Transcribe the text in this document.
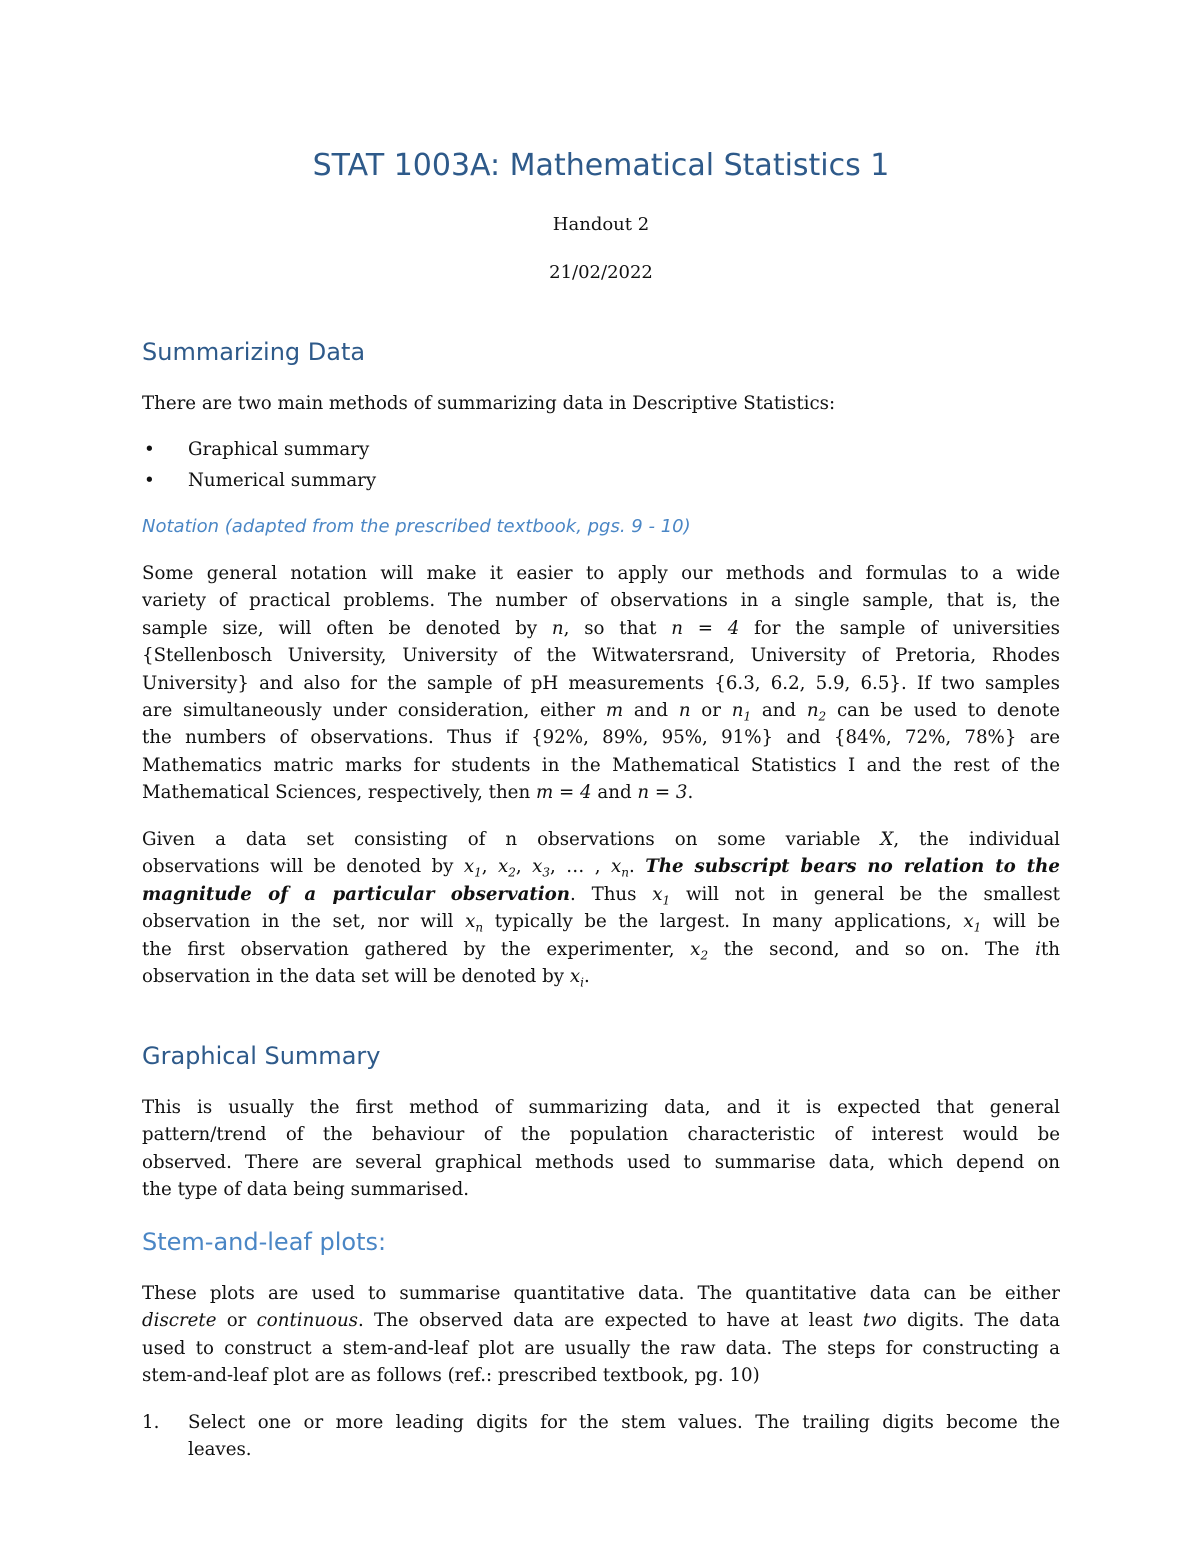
STAT 1003A: Mathematical Statistics 1
Handout 2
21/02/2022
Summarizing Data
There are two main methods of summarizing data in Descriptive Statistics:
• Graphical summary
• Numerical summary
Notation (adapted from the prescribed textbook, pgs. 9 - 10)
Some general notation will make it easier to apply our methods and formulas to a wide
variety of practical problems. The number of observations in a single sample, that is, the
sample size, will often be denoted by n, so that n = 4 for the sample of universities
{Stellenbosch University, University of the Witwatersrand, University of Pretoria, Rhodes
University} and also for the sample of pH measurements {6.3, 6.2, 5.9, 6.5}. If two samples
are simultaneously under consideration, either m and n or $n_1$ and $n_2$ can be used to denote
the numbers of observations. Thus if {92%, 89%, 95%, 91%} and {84%, 72%, 78%} are
Mathematics matric marks for students in the Mathematical Statistics I and the rest of the
Mathematical Sciences, respectively, then m = 4 and n = 3.
Given a data set consisting of n observations on some variable X, the individual
observations will be denoted by $x_1$, $x_2$, $x_3$, … , $x_n$. The subscript bears no relation to the
magnitude of a particular observation. Thus $x_1$ will not in general be the smallest
observation in the set, nor will $x_n$ typically be the largest. In many applications, $x_1$ will be
the first observation gathered by the experimenter, $x_2$ the second, and so on. The ith
observation in the data set will be denoted by $x_i$.
Graphical Summary
This is usually the first method of summarizing data, and it is expected that general
pattern/trend of the behaviour of the population characteristic of interest would be
observed. There are several graphical methods used to summarise data, which depend on
the type of data being summarised.
Stem-and-leaf plots:
These plots are used to summarise quantitative data. The quantitative data can be either
discrete or continuous. The observed data are expected to have at least two digits. The data
used to construct a stem-and-leaf plot are usually the raw data. The steps for constructing a
stem-and-leaf plot are as follows (ref.: prescribed textbook, pg. 10)
1. Select one or more leading digits for the stem values. The trailing digits become the
leaves.
